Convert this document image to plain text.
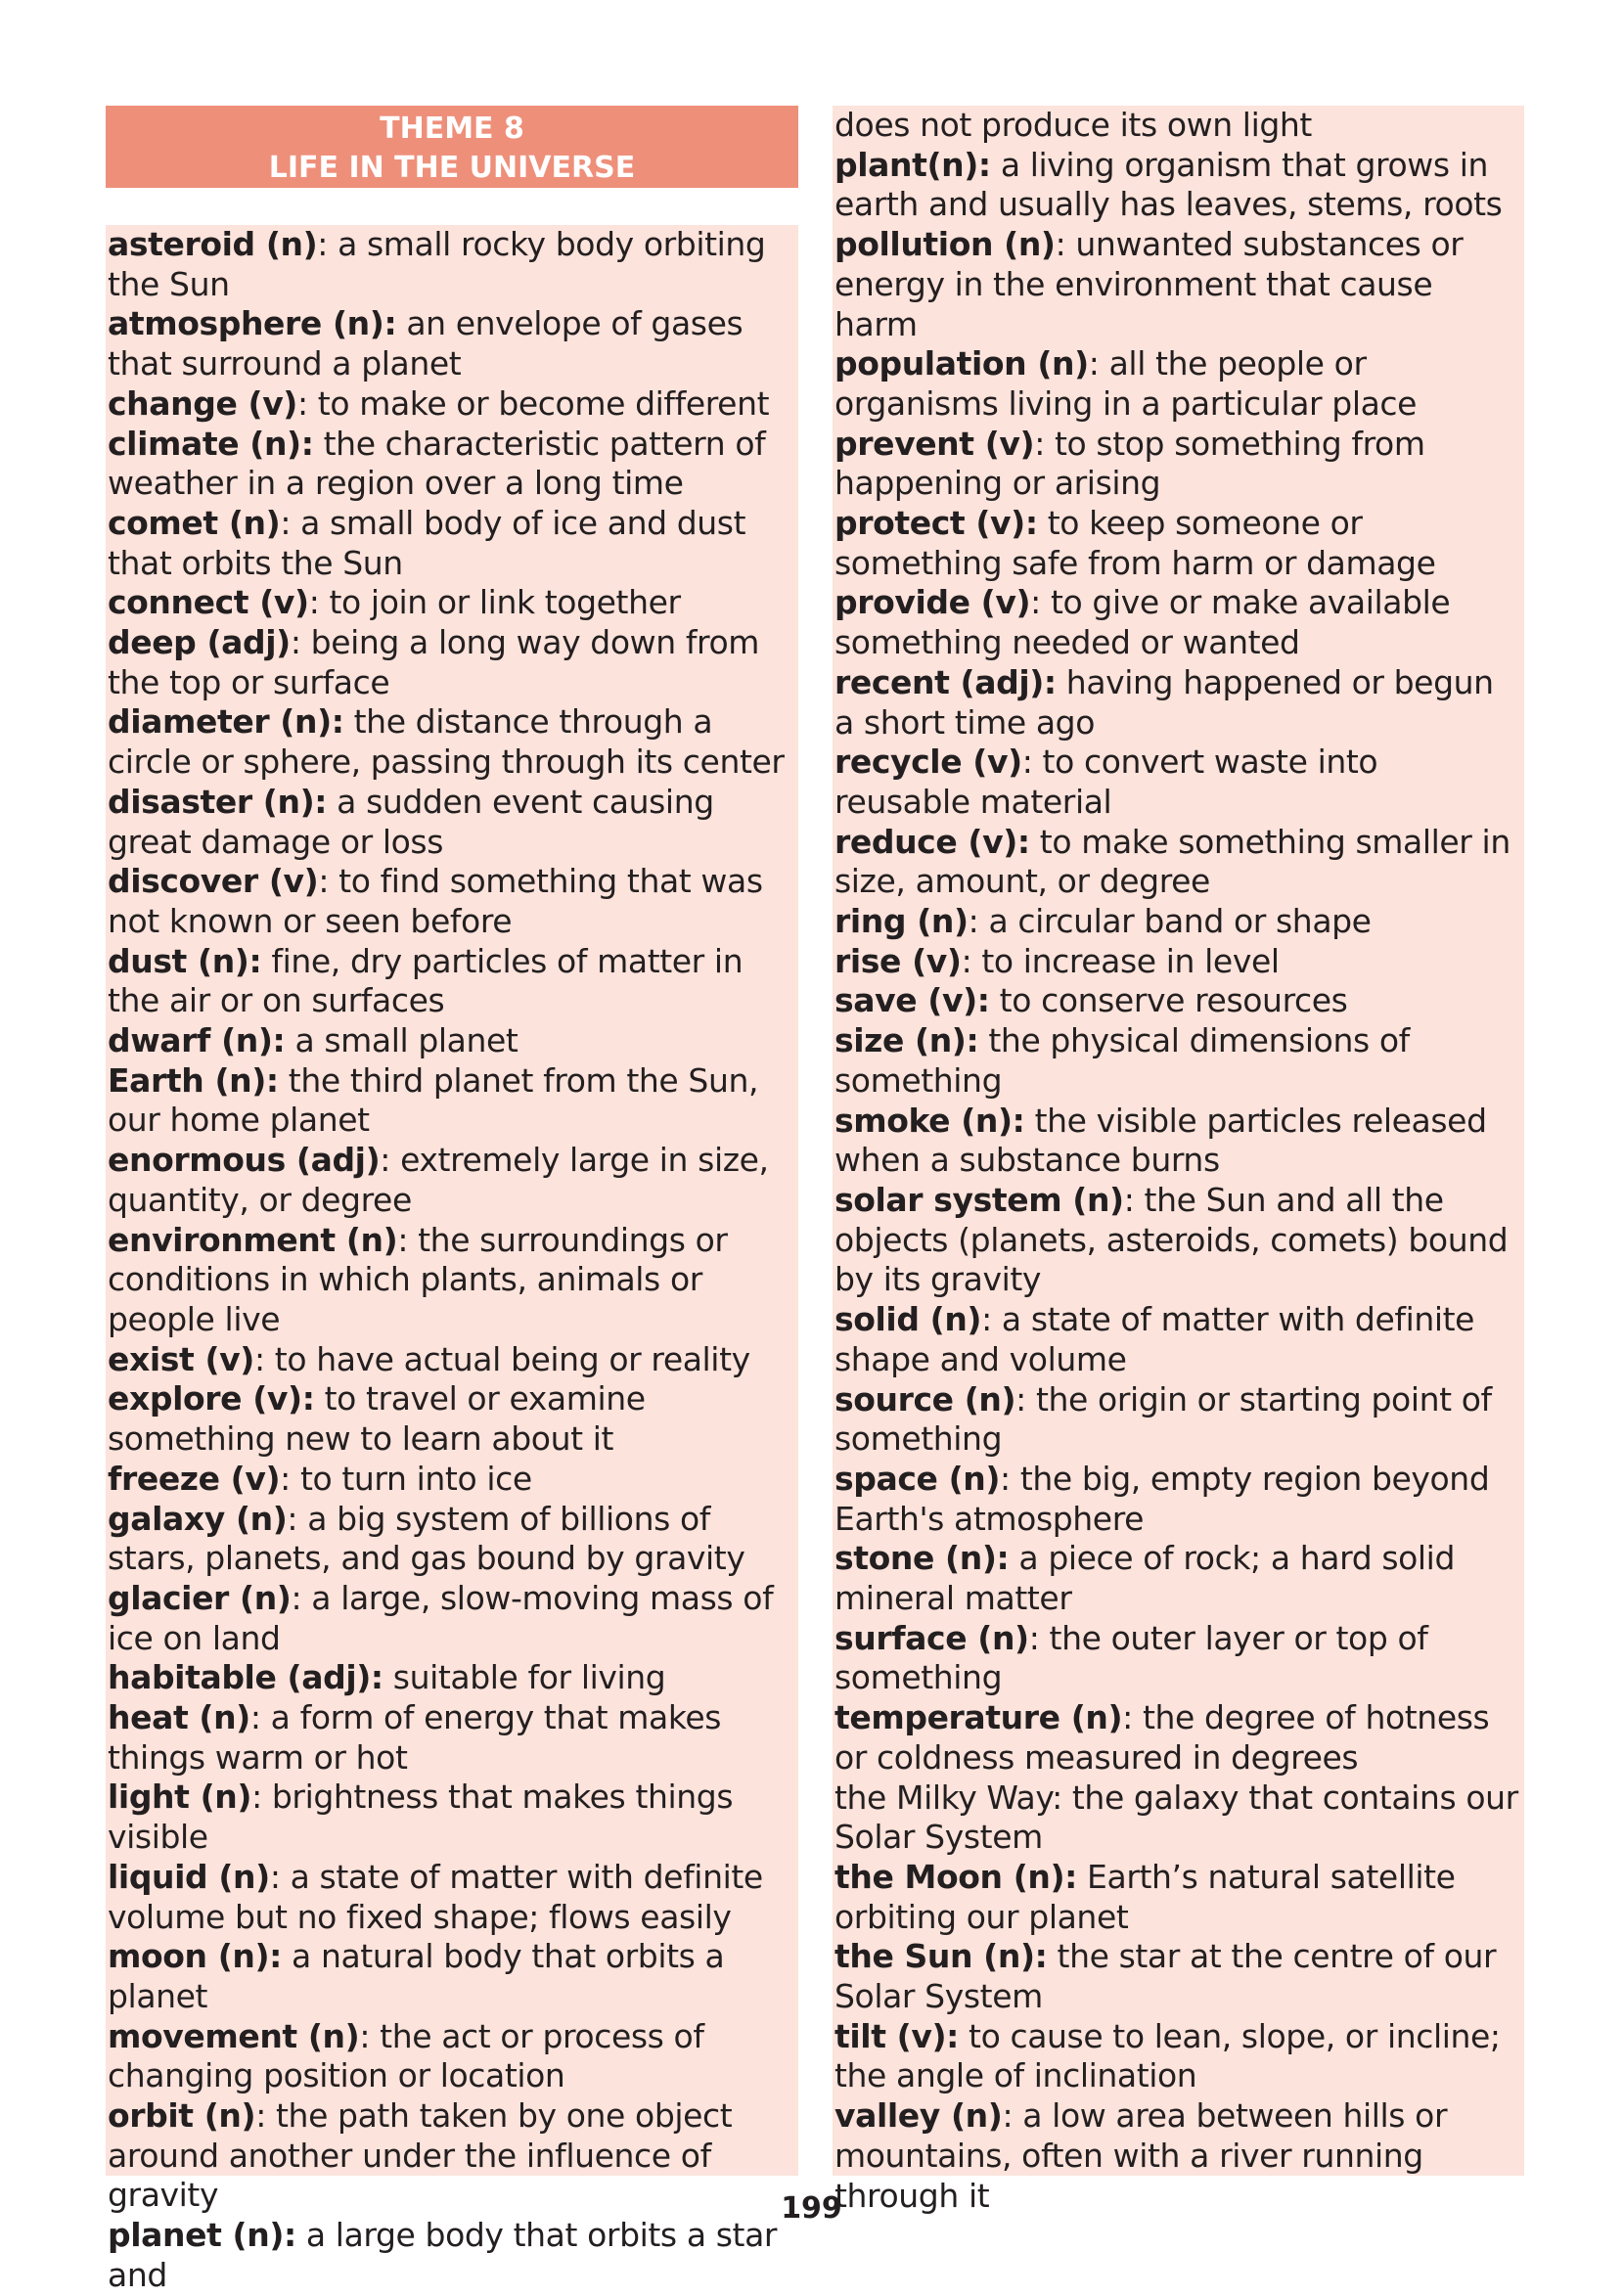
THEME 8
LIFE IN THE UNIVERSE
asteroid (n): a small rocky body orbiting the Sun
atmosphere (n): an envelope of gases that surround a planet
change (v): to make or become different
climate (n): the characteristic pattern of weather in a region over a long time
comet (n): a small body of ice and dust that orbits the Sun
connect (v): to join or link together
deep (adj): being a long way down from the top or surface
diameter (n): the distance through a circle or sphere, passing through its center
disaster (n): a sudden event causing great damage or loss
discover (v): to find something that was not known or seen before
dust (n): fine, dry particles of matter in the air or on surfaces
dwarf (n): a small planet
Earth (n): the third planet from the Sun, our home planet
enormous (adj): extremely large in size, quantity, or degree
environment (n): the surroundings or conditions in which plants, animals or people live
exist (v): to have actual being or reality
explore (v): to travel or examine something new to learn about it
freeze (v): to turn into ice
galaxy (n): a big system of billions of stars, planets, and gas bound by gravity
glacier (n): a large, slow-moving mass of ice on land
habitable (adj): suitable for living
heat (n): a form of energy that makes things warm or hot
light (n): brightness that makes things visible
liquid (n): a state of matter with definite volume but no fixed shape; flows easily
moon (n): a natural body that orbits a planet
movement (n): the act or process of changing position or location
orbit (n): the path taken by one object around another under the influence of gravity
planet (n): a large body that orbits a star and
does not produce its own light
plant(n): a living organism that grows in earth and usually has leaves, stems, roots
pollution (n): unwanted substances or energy in the environment that cause harm
population (n): all the people or organisms living in a particular place
prevent (v): to stop something from happening or arising
protect (v): to keep someone or something safe from harm or damage
provide (v): to give or make available something needed or wanted
recent (adj): having happened or begun a short time ago
recycle (v): to convert waste into reusable material
reduce (v): to make something smaller in size, amount, or degree
ring (n): a circular band or shape
rise (v): to increase in level
save (v): to conserve resources
size (n): the physical dimensions of something
smoke (n): the visible particles released when a substance burns
solar system (n): the Sun and all the objects (planets, asteroids, comets) bound by its gravity
solid (n): a state of matter with definite shape and volume
source (n): the origin or starting point of something
space (n): the big, empty region beyond Earth's atmosphere
stone (n): a piece of rock; a hard solid mineral matter
surface (n): the outer layer or top of something
temperature (n): the degree of hotness or coldness measured in degrees
the Milky Way: the galaxy that contains our Solar System
the Moon (n): Earth’s natural satellite orbiting our planet
the Sun (n): the star at the centre of our Solar System
tilt (v): to cause to lean, slope, or incline; the angle of inclination
valley (n): a low area between hills or mountains, often with a river running through it
199
